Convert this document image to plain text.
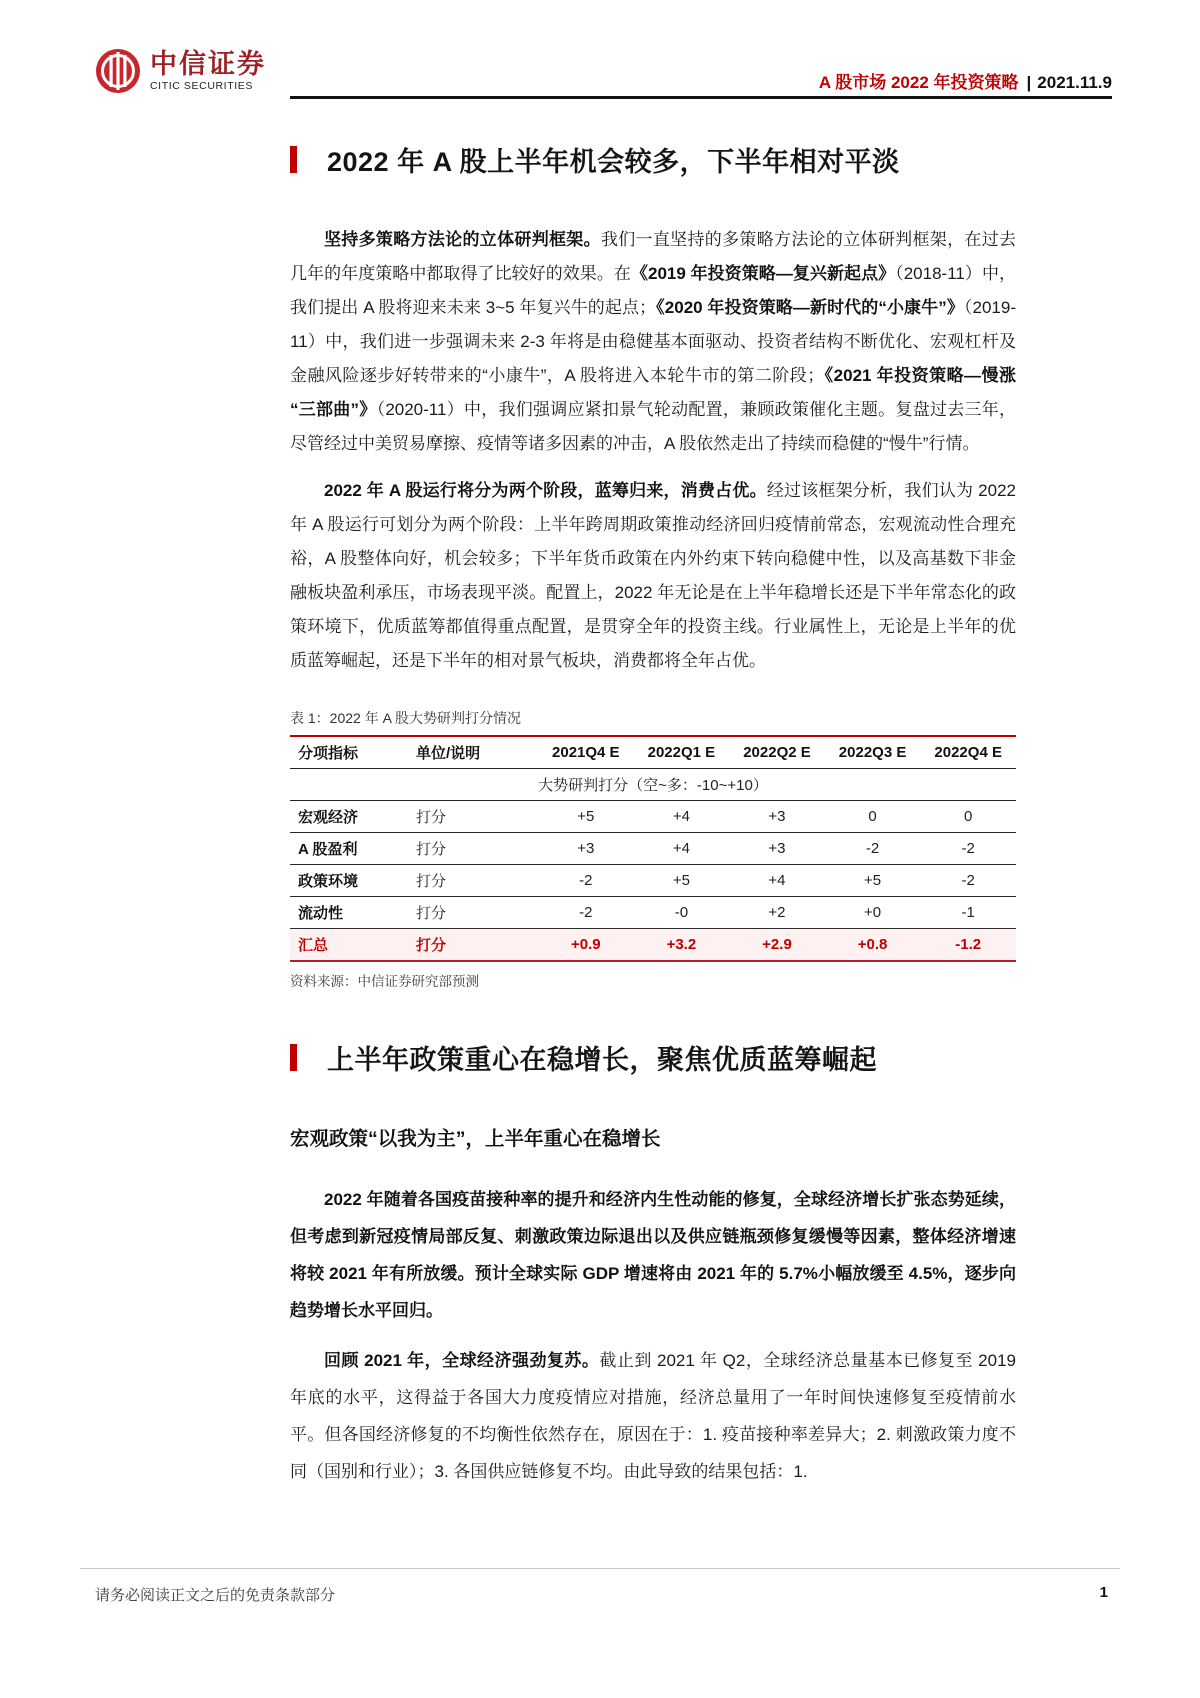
中信证券
CITIC SECURITIES	A 股市场 2022 年投资策略 | 2021.11.9
2022 年 A 股上半年机会较多，下半年相对平淡

坚持多策略方法论的立体研判框架。我们一直坚持的多策略方法论的立体研判框架，在过去几年的年度策略中都取得了比较好的效果。在《2019 年投资策略—复兴新起点》（2018-11）中，我们提出 A 股将迎来未来 3~5 年复兴牛的起点；《2020 年投资策略—新时代的“小康牛”》（2019-11）中，我们进一步强调未来 2-3 年将是由稳健基本面驱动、投资者结构不断优化、宏观杠杆及金融风险逐步好转带来的“小康牛”，A 股将进入本轮牛市的第二阶段；《2021 年投资策略—慢涨“三部曲”》（2020-11）中，我们强调应紧扣景气轮动配置，兼顾政策催化主题。复盘过去三年，尽管经过中美贸易摩擦、疫情等诸多因素的冲击，A 股依然走出了持续而稳健的“慢牛”行情。

2022 年 A 股运行将分为两个阶段，蓝筹归来，消费占优。经过该框架分析，我们认为 2022 年 A 股运行可划分为两个阶段：上半年跨周期政策推动经济回归疫情前常态，宏观流动性合理充裕，A 股整体向好，机会较多；下半年货币政策在内外约束下转向稳健中性，以及高基数下非金融板块盈利承压，市场表现平淡。配置上，2022 年无论是在上半年稳增长还是下半年常态化的政策环境下，优质蓝筹都值得重点配置，是贯穿全年的投资主线。行业属性上，无论是上半年的优质蓝筹崛起，还是下半年的相对景气板块，消费都将全年占优。

表 1：2022 年 A 股大势研判打分情况
分项指标	单位/说明	2021Q4 E	2022Q1 E	2022Q2 E	2022Q3 E	2022Q4 E
大势研判打分（空~多：-10~+10）						
宏观经济	打分	+5	+4	+3	0	0
A 股盈利	打分	+3	+4	+3	-2	-2
政策环境	打分	-2	+5	+4	+5	-2
流动性	打分	-2	-0	+2	+0	-1
汇总	打分	+0.9	+3.2	+2.9	+0.8	-1.2
资料来源：中信证券研究部预测
上半年政策重心在稳增长，聚焦优质蓝筹崛起
宏观政策“以我为主”，上半年重心在稳增长

2022 年随着各国疫苗接种率的提升和经济内生性动能的修复，全球经济增长扩张态势延续，但考虑到新冠疫情局部反复、刺激政策边际退出以及供应链瓶颈修复缓慢等因素，整体经济增速将较 2021 年有所放缓。预计全球实际 GDP 增速将由 2021 年的 5.7%小幅放缓至 4.5%，逐步向趋势增长水平回归。

回顾 2021 年，全球经济强劲复苏。截止到 2021 年 Q2，全球经济总量基本已修复至 2019 年底的水平，这得益于各国大力度疫情应对措施，经济总量用了一年时间快速修复至疫情前水平。但各国经济修复的不均衡性依然存在，原因在于：1. 疫苗接种率差异大；2. 刺激政策力度不同（国别和行业）；3. 各国供应链修复不均。由此导致的结果包括：1.

请务必阅读正文之后的免责条款部分	1
